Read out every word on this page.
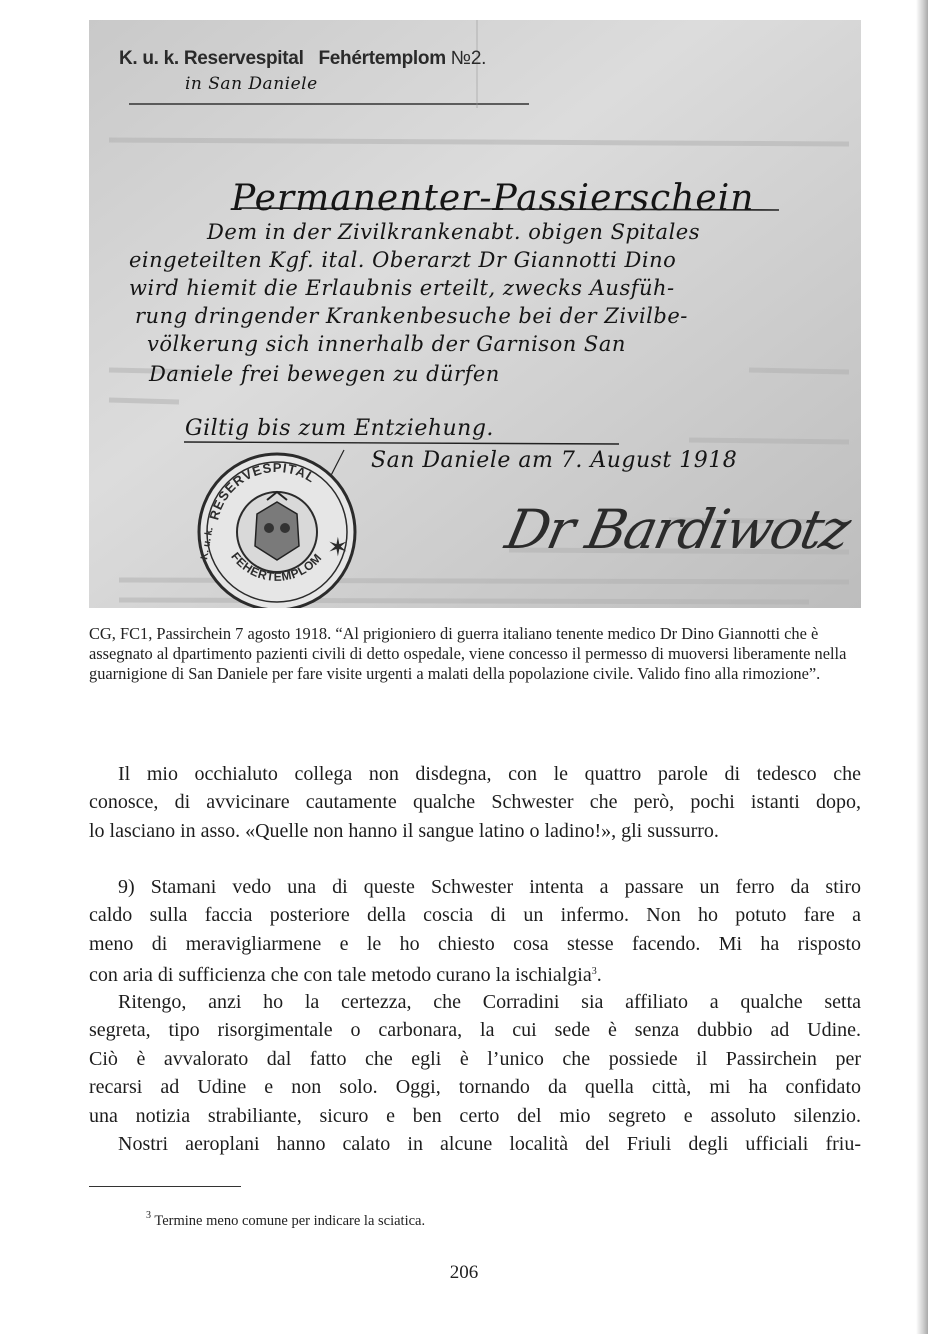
✶
K. u. k. Reservespital Fehértemplom №2.
in San Daniele
Permanenter-Passierschein
Dem in der Zivilkrankenabt. obigen Spitales
eingeteilten Kgf. ital. Oberarzt Dr Giannotti Dino
wird hiemit die Erlaubnis erteilt, zwecks Ausfüh-
rung dringender Krankenbesuche bei der Zivilbe-
völkerung sich innerhalb der Garnison San
Daniele frei bewegen zu dürfen
Giltig bis zum Entziehung.
San Daniele am 7. August 1918
RESERVESPITAL
FEHÉRTEMPLOM
K. u. k.	Dr Bardiwotz

CG, FC1, Passirchein 7 agosto 1918. “Al prigioniero di guerra italiano tenente medico Dr Dino Giannotti che è assegnato al dpartimento pazienti civili di detto ospedale, viene concesso il permesso di muoversi liberamente nella guarnigione di San Daniele per fare visite urgenti a malati della popolazione civile. Valido fino alla rimozione”.

Il mio occhialuto collega non disdegna, con le quattro parole di tedesco che
conosce, di avvicinare cautamente qualche Schwester che però, pochi istanti dopo,
lo lasciano in asso. «Quelle non hanno il sangue latino o ladino!», gli sussurro.
9) Stamani vedo una di queste Schwester intenta a passare un ferro da stiro
caldo sulla faccia posteriore della coscia di un infermo. Non ho potuto fare a
meno di meravigliarmene e le ho chiesto cosa stesse facendo. Mi ha risposto
con aria di sufficienza che con tale metodo curano la ischialgia$^3$.
Ritengo, anzi ho la certezza, che Corradini sia affiliato a qualche setta
segreta, tipo risorgimentale o carbonara, la cui sede è senza dubbio ad Udine.
Ciò è avvalorato dal fatto che egli è l’unico che possiede il Passirchein per
recarsi ad Udine e non solo. Oggi, tornando da quella città, mi ha confidato
una notizia strabiliante, sicuro e ben certo del mio segreto e assoluto silenzio.
Nostri aeroplani hanno calato in alcune località del Friuli degli ufficiali friu-
$^3$ Termine meno comune per indicare la sciatica.
206
